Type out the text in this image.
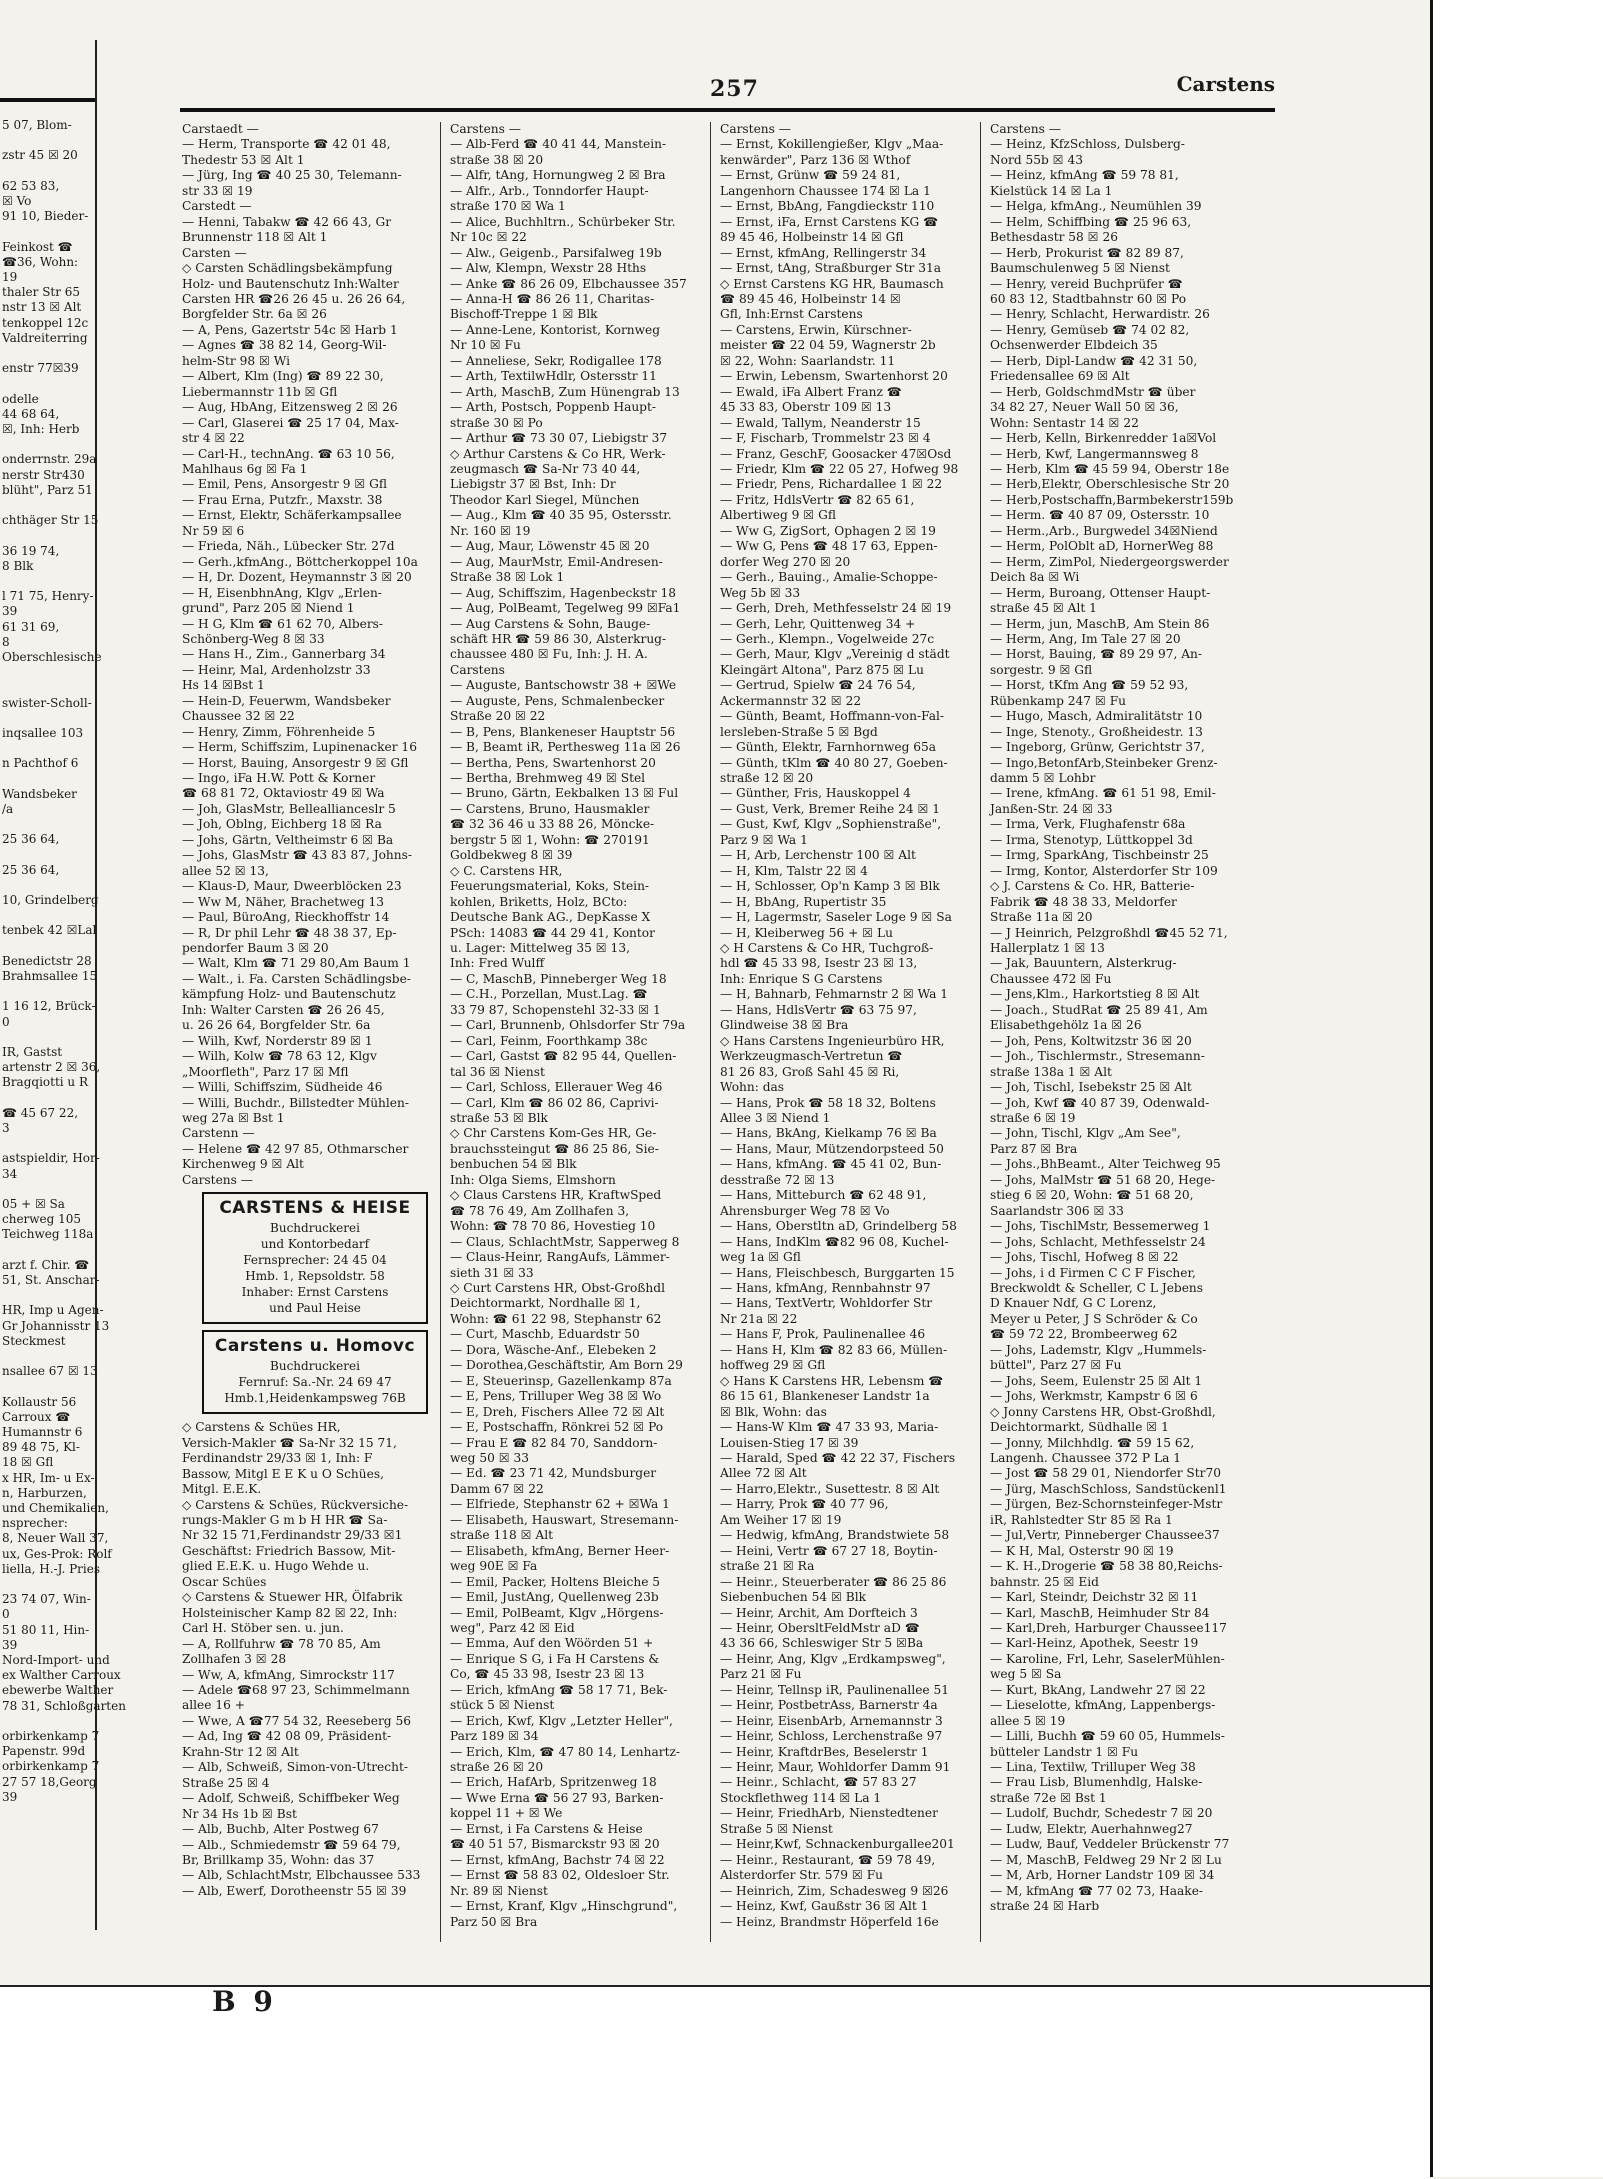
5 07, Blom-
zstr 45 ☒ 20
62 53 83,
☒ Vo
91 10, Bieder-
Feinkost ☎
☎36, Wohn:
19
thaler Str 65
nstr 13 ☒ Alt
tenkoppel 12c
Valdreiterring
enstr 77☒39
odelle
44 68 64,
☒, Inh: Herb
onderrnstr. 29a
nerstr Str430
blüht", Parz 51
chthäger Str 15
36 19 74,
8 Blk
l 71 75, Henry-
39
61 31 69,
8
Oberschlesische
swister-Scholl-
inqsallee 103
n Pachthof 6
Wandsbeker
/a
25 36 64,
25 36 64,
10, Grindelberg
tenbek 42 ☒Lal
Benedictstr 28
Brahmsallee 15
1 16 12, Brück-
0
IR, Gastst
artenstr 2 ☒ 36,
Bragqiotti u R
☎ 45 67 22,
3
astspieldir, Hor-
34
05 + ☒ Sa
cherweg 105
Teichweg 118a
arzt f. Chir. ☎
51, St. Anschar-
HR, Imp u Agen-
Gr Johannisstr 13
Steckmest
nsallee 67 ☒ 13
Kollaustr 56
Carroux ☎
Humannstr 6
89 48 75, Kl-
18 ☒ Gfl
x HR, Im- u Ex-
n, Harburzen,
und Chemikalien,
nsprecher:
8, Neuer Wall 37,
ux, Ges-Prok: Rolf
liella, H.-J. Pries
23 74 07, Win-
0
51 80 11, Hin-
39
Nord-Import- und
ex Walther Carroux
ebewerbe Walther
78 31, Schloßgarten
orbirkenkamp 7
Papenstr. 99d
orbirkenkamp 7
27 57 18,Georg
39
257	Carstens
Carstaedt —
— Herm, Transporte ☎ 42 01 48,
Thedestr 53 ☒ Alt 1
— Jürg, Ing ☎ 40 25 30, Telemann-
str 33 ☒ 19
Carstedt —
— Henni, Tabakw ☎ 42 66 43, Gr
Brunnenstr 118 ☒ Alt 1
Carsten —
◇ Carsten Schädlingsbekämpfung
Holz- und Bautenschutz Inh:Walter
Carsten HR ☎26 26 45 u. 26 26 64,
Borgfelder Str. 6a ☒ 26
— A, Pens, Gazertstr 54c ☒ Harb 1
— Agnes ☎ 38 82 14, Georg-Wil-
helm-Str 98 ☒ Wi
— Albert, Klm (Ing) ☎ 89 22 30,
Liebermannstr 11b ☒ Gfl
— Aug, HbAng, Eitzensweg 2 ☒ 26
— Carl, Glaserei ☎ 25 17 04, Max-
str 4 ☒ 22
— Carl-H., technAng. ☎ 63 10 56,
Mahlhaus 6g ☒ Fa 1
— Emil, Pens, Ansorgestr 9 ☒ Gfl
— Frau Erna, Putzfr., Maxstr. 38
— Ernst, Elektr, Schäferkampsallee
Nr 59 ☒ 6
— Frieda, Näh., Lübecker Str. 27d
— Gerh.,kfmAng., Böttcherkoppel 10a
— H, Dr. Dozent, Heymannstr 3 ☒ 20
— H, EisenbhnAng, Klgv „Erlen-
grund", Parz 205 ☒ Niend 1
— H G, Klm ☎ 61 62 70, Albers-
Schönberg-Weg 8 ☒ 33
— Hans H., Zim., Gannerbarg 34
— Heinr, Mal, Ardenholzstr 33
Hs 14 ☒Bst 1
— Hein-D, Feuerwm, Wandsbeker
Chaussee 32 ☒ 22
— Henry, Zimm, Föhrenheide 5
— Herm, Schiffszim, Lupinenacker 16
— Horst, Bauing, Ansorgestr 9 ☒ Gfl
— Ingo, iFa H.W. Pott & Korner
☎ 68 81 72, Oktaviostr 49 ☒ Wa
— Joh, GlasMstr, Belleallianceslr 5
— Joh, Oblng, Eichberg 18 ☒ Ra
— Johs, Gärtn, Veltheimstr 6 ☒ Ba
— Johs, GlasMstr ☎ 43 83 87, Johns-
allee 52 ☒ 13,
— Klaus-D, Maur, Dweerblöcken 23
— Ww M, Näher, Brachetweg 13
— Paul, BüroAng, Rieckhoffstr 14
— R, Dr phil Lehr ☎ 48 38 37, Ep-
pendorfer Baum 3 ☒ 20
— Walt, Klm ☎ 71 29 80,Am Baum 1
— Walt., i. Fa. Carsten Schädlingsbe-
kämpfung Holz- und Bautenschutz
Inh: Walter Carsten ☎ 26 26 45,
u. 26 26 64, Borgfelder Str. 6a
— Wilh, Kwf, Norderstr 89 ☒ 1
— Wilh, Kolw ☎ 78 63 12, Klgv
„Moorfleth", Parz 17 ☒ Mfl
— Willi, Schiffszim, Südheide 46
— Willi, Buchdr., Billstedter Mühlen-
weg 27a ☒ Bst 1
Carstenn —
— Helene ☎ 42 97 85, Othmarscher
Kirchenweg 9 ☒ Alt
Carstens —
CARSTENS & HEISE
Buchdruckerei
und Kontorbedarf
Fernsprecher: 24 45 04
Hmb. 1, Repsoldstr. 58
Inhaber: Ernst Carstens
und Paul Heise
Carstens u. Homovc
Buchdruckerei
Fernruf: Sa.-Nr. 24 69 47
Hmb.1,Heidenkampsweg 76B
◇ Carstens & Schües HR,
Versich-Makler ☎ Sa-Nr 32 15 71,
Ferdinandstr 29/33 ☒ 1, Inh: F
Bassow, Mitgl E E K u O Schües,
Mitgl. E.E.K.
◇ Carstens & Schües, Rückversiche-
rungs-Makler G m b H HR ☎ Sa-
Nr 32 15 71,Ferdinandstr 29/33 ☒1
Geschäftst: Friedrich Bassow, Mit-
glied E.E.K. u. Hugo Wehde u.
Oscar Schües
◇ Carstens & Stuewer HR, Ölfabrik
Holsteinischer Kamp 82 ☒ 22, Inh:
Carl H. Stöber sen. u. jun.
— A, Rollfuhrw ☎ 78 70 85, Am
Zollhafen 3 ☒ 28
— Ww, A, kfmAng, Simrockstr 117
— Adele ☎68 97 23, Schimmelmann
allee 16 +
— Wwe, A ☎77 54 32, Reeseberg 56
— Ad, Ing ☎ 42 08 09, Präsident-
Krahn-Str 12 ☒ Alt
— Alb, Schweiß, Simon-von-Utrecht-
Straße 25 ☒ 4
— Adolf, Schweiß, Schiffbeker Weg
Nr 34 Hs 1b ☒ Bst
— Alb, Buchb, Alter Postweg 67
— Alb., Schmiedemstr ☎ 59 64 79,
Br, Brillkamp 35, Wohn: das 37
— Alb, SchlachtMstr, Elbchaussee 533
— Alb, Ewerf, Dorotheenstr 55 ☒ 39
Carstens —
— Alb-Ferd ☎ 40 41 44, Manstein-
straße 38 ☒ 20
— Alfr, tAng, Hornungweg 2 ☒ Bra
— Alfr., Arb., Tonndorfer Haupt-
straße 170 ☒ Wa 1
— Alice, Buchhltrn., Schürbeker Str.
Nr 10c ☒ 22
— Alw., Geigenb., Parsifalweg 19b
— Alw, Klempn, Wexstr 28 Hths
— Anke ☎ 86 26 09, Elbchaussee 357
— Anna-H ☎ 86 26 11, Charitas-
Bischoff-Treppe 1 ☒ Blk
— Anne-Lene, Kontorist, Kornweg
Nr 10 ☒ Fu
— Anneliese, Sekr, Rodigallee 178
— Arth, TextilwHdlr, Ostersstr 11
— Arth, MaschB, Zum Hünengrab 13
— Arth, Postsch, Poppenb Haupt-
straße 30 ☒ Po
— Arthur ☎ 73 30 07, Liebigstr 37
◇ Arthur Carstens & Co HR, Werk-
zeugmasch ☎ Sa-Nr 73 40 44,
Liebigstr 37 ☒ Bst, Inh: Dr
Theodor Karl Siegel, München
— Aug., Klm ☎ 40 35 95, Ostersstr.
Nr. 160 ☒ 19
— Aug, Maur, Löwenstr 45 ☒ 20
— Aug, MaurMstr, Emil-Andresen-
Straße 38 ☒ Lok 1
— Aug, Schiffszim, Hagenbeckstr 18
— Aug, PolBeamt, Tegelweg 99 ☒Fa1
— Aug Carstens & Sohn, Bauge-
schäft HR ☎ 59 86 30, Alsterkrug-
chaussee 480 ☒ Fu, Inh: J. H. A.
Carstens
— Auguste, Bantschowstr 38 + ☒We
— Auguste, Pens, Schmalenbecker
Straße 20 ☒ 22
— B, Pens, Blankeneser Hauptstr 56
— B, Beamt iR, Perthesweg 11a ☒ 26
— Bertha, Pens, Swartenhorst 20
— Bertha, Brehmweg 49 ☒ Stel
— Bruno, Gärtn, Eekbalken 13 ☒ Ful
— Carstens, Bruno, Hausmakler
☎ 32 36 46 u 33 88 26, Mönckе-
bergstr 5 ☒ 1, Wohn: ☎ 270191
Goldbekweg 8 ☒ 39
◇ C. Carstens HR,
Feuerungsmaterial, Koks, Stein-
kohlen, Briketts, Holz, BCto:
Deutsche Bank AG., DepKasse X
PSch: 14083 ☎ 44 29 41, Kontor
u. Lager: Mittelweg 35 ☒ 13,
Inh: Fred Wulff
— C, MaschB, Pinneberger Weg 18
— C.H., Porzellan, Must.Lag. ☎
33 79 87, Schopenstehl 32-33 ☒ 1
— Carl, Brunnenb, Ohlsdorfer Str 79a
— Carl, Feinm, Foorthkamp 38c
— Carl, Gastst ☎ 82 95 44, Quellen-
tal 36 ☒ Nienst
— Carl, Schloss, Ellerauer Weg 46
— Carl, Klm ☎ 86 02 86, Caprivi-
straße 53 ☒ Blk
◇ Chr Carstens Kom-Ges HR, Ge-
brauchssteingut ☎ 86 25 86, Sie-
benbuchen 54 ☒ Blk
Inh: Olga Siems, Elmshorn
◇ Claus Carstens HR, KraftwSped
☎ 78 76 49, Am Zollhafen 3,
Wohn: ☎ 78 70 86, Hovestieg 10
— Claus, SchlachtMstr, Sapperweg 8
— Claus-Heinr, RangAufs, Lämmer-
sieth 31 ☒ 33
◇ Curt Carstens HR, Obst-Großhdl
Deichtormarkt, Nordhalle ☒ 1,
Wohn: ☎ 61 22 98, Stephanstr 62
— Curt, Maschb, Eduardstr 50
— Dora, Wäsche-Anf., Elebeken 2
— Dorothea,Geschäftstir, Am Born 29
— E, Steuerinsp, Gazellenkamp 87a
— E, Pens, Trilluper Weg 38 ☒ Wo
— E, Dreh, Fischers Allee 72 ☒ Alt
— E, Postschaffn, Rönkrei 52 ☒ Po
— Frau E ☎ 82 84 70, Sanddorn-
weg 50 ☒ 33
— Ed. ☎ 23 71 42, Mundsburger
Damm 67 ☒ 22
— Elfriede, Stephanstr 62 + ☒Wa 1
— Elisabeth, Hauswart, Stresemann-
straße 118 ☒ Alt
— Elisabeth, kfmAng, Berner Heer-
weg 90E ☒ Fa
— Emil, Packer, Holtens Bleiche 5
— Emil, JustAng, Quellenweg 23b
— Emil, PolBeamt, Klgv „Hörgens-
weg", Parz 42 ☒ Eid
— Emma, Auf den Wöörden 51 +
— Enrique S G, i Fa H Carstens &
Co, ☎ 45 33 98, Isestr 23 ☒ 13
— Erich, kfmAng ☎ 58 17 71, Bek-
stück 5 ☒ Nienst
— Erich, Kwf, Klgv „Letzter Heller",
Parz 189 ☒ 34
— Erich, Klm, ☎ 47 80 14, Lenhartz-
straße 26 ☒ 20
— Erich, HafArb, Spritzenweg 18
— Wwe Erna ☎ 56 27 93, Barken-
koppel 11 + ☒ We
— Ernst, i Fa Carstens & Heise
☎ 40 51 57, Bismarckstr 93 ☒ 20
— Ernst, kfmAng, Bachstr 74 ☒ 22
— Ernst ☎ 58 83 02, Oldesloer Str.
Nr. 89 ☒ Nienst
— Ernst, Kranf, Klgv „Hinschgrund",
Parz 50 ☒ Bra
Carstens —
— Ernst, Kokillengießer, Klgv „Maa-
kenwärder", Parz 136 ☒ Wthof
— Ernst, Grünw ☎ 59 24 81,
Langenhorn Chaussee 174 ☒ La 1
— Ernst, BbAng, Fangdieckstr 110
— Ernst, iFa, Ernst Carstens KG ☎
89 45 46, Holbeinstr 14 ☒ Gfl
— Ernst, kfmAng, Rellingerstr 34
— Ernst, tAng, Straßburger Str 31a
◇ Ernst Carstens KG HR, Baumasch
☎ 89 45 46, Holbeinstr 14 ☒
Gfl, Inh:Ernst Carstens
— Carstens, Erwin, Kürschner-
meister ☎ 22 04 59, Wagnerstr 2b
☒ 22, Wohn: Saarlandstr. 11
— Erwin, Lebensm, Swartenhorst 20
— Ewald, iFa Albert Franz ☎
45 33 83, Oberstr 109 ☒ 13
— Ewald, Tallym, Neanderstr 15
— F, Fischarb, Trommelstr 23 ☒ 4
— Franz, GeschF, Goosacker 47☒Osd
— Friedr, Klm ☎ 22 05 27, Hofweg 98
— Friedr, Pens, Richardallee 1 ☒ 22
— Fritz, HdlsVertr ☎ 82 65 61,
Albertiweg 9 ☒ Gfl
— Ww G, ZigSort, Ophagen 2 ☒ 19
— Ww G, Pens ☎ 48 17 63, Eppen-
dorfer Weg 270 ☒ 20
— Gerh., Bauing., Amalie-Schoppe-
Weg 5b ☒ 33
— Gerh, Dreh, Methfesselstr 24 ☒ 19
— Gerh, Lehr, Quittenweg 34 +
— Gerh., Klempn., Vogelweide 27c
— Gerh, Maur, Klgv „Vereinig d städt
Kleingärt Altona", Parz 875 ☒ Lu
— Gertrud, Spielw ☎ 24 76 54,
Ackermannstr 32 ☒ 22
— Günth, Beamt, Hoffmann-von-Fal-
lersleben-Straße 5 ☒ Bgd
— Günth, Elektr, Farnhornweg 65a
— Günth, tKlm ☎ 40 80 27, Goeben-
straße 12 ☒ 20
— Günther, Fris, Hauskoppel 4
— Gust, Verk, Bremer Reihe 24 ☒ 1
— Gust, Kwf, Klgv „Sophienstraße",
Parz 9 ☒ Wa 1
— H, Arb, Lerchenstr 100 ☒ Alt
— H, Klm, Talstr 22 ☒ 4
— H, Schlosser, Op'n Kamp 3 ☒ Blk
— H, BbAng, Rupertistr 35
— H, Lagermstr, Saseler Loge 9 ☒ Sa
— H, Kleiberweg 56 + ☒ Lu
◇ H Carstens & Co HR, Tuchgroß-
hdl ☎ 45 33 98, Isestr 23 ☒ 13,
Inh: Enrique S G Carstens
— H, Bahnarb, Fehmarnstr 2 ☒ Wa 1
— Hans, HdlsVertr ☎ 63 75 97,
Glindweise 38 ☒ Bra
◇ Hans Carstens Ingenieurbüro HR,
Werkzeugmasch-Vertretun ☎
81 26 83, Groß Sahl 45 ☒ Ri,
Wohn: das
— Hans, Prok ☎ 58 18 32, Boltens
Allee 3 ☒ Niend 1
— Hans, BkAng, Kielkamp 76 ☒ Ba
— Hans, Maur, Mützendorpsteed 50
— Hans, kfmAng. ☎ 45 41 02, Bun-
desstraße 72 ☒ 13
— Hans, Mitteburch ☎ 62 48 91,
Ahrensburger Weg 78 ☒ Vo
— Hans, Oberstltn aD, Grindelberg 58
— Hans, IndKlm ☎82 96 08, Kuchel-
weg 1a ☒ Gfl
— Hans, Fleischbesch, Burggarten 15
— Hans, kfmAng, Rennbahnstr 97
— Hans, TextVertr, Wohldorfer Str
Nr 21a ☒ 22
— Hans F, Prok, Paulinenallee 46
— Hans H, Klm ☎ 82 83 66, Müllen-
hoffweg 29 ☒ Gfl
◇ Hans K Carstens HR, Lebensm ☎
86 15 61, Blankeneser Landstr 1a
☒ Blk, Wohn: das
— Hans-W Klm ☎ 47 33 93, Maria-
Louisen-Stieg 17 ☒ 39
— Harald, Sped ☎ 42 22 37, Fischers
Allee 72 ☒ Alt
— Harro,Elektr., Susettestr. 8 ☒ Alt
— Harry, Prok ☎ 40 77 96,
Am Weiher 17 ☒ 19
— Hedwig, kfmAng, Brandstwiete 58
— Heini, Vertr ☎ 67 27 18, Boytin-
straße 21 ☒ Ra
— Heinr., Steuerberater ☎ 86 25 86
Siebenbuchen 54 ☒ Blk
— Heinr, Archit, Am Dorfteich 3
— Heinr, ObersltFeldMstr aD ☎
43 36 66, Schleswiger Str 5 ☒Ba
— Heinr, Ang, Klgv „Erdkampsweg",
Parz 21 ☒ Fu
— Heinr, Tellnsp iR, Paulinenallee 51
— Heinr, PostbetrAss, Barnerstr 4a
— Heinr, EisenbArb, Arnemannstr 3
— Heinr, Schloss, Lerchenstraße 97
— Heinr, KraftdrBes, Beselerstr 1
— Heinr, Maur, Wohldorfer Damm 91
— Heinr., Schlacht, ☎ 57 83 27
Stockflethweg 114 ☒ La 1
— Heinr, FriedhArb, Nienstedtener
Straße 5 ☒ Nienst
— Heinr,Kwf, Schnackenburgallee201
— Heinr., Restaurant, ☎ 59 78 49,
Alsterdorfer Str. 579 ☒ Fu
— Heinrich, Zim, Schadesweg 9 ☒26
— Heinz, Kwf, Gaußstr 36 ☒ Alt 1
— Heinz, Brandmstr Höperfeld 16e
Carstens —
— Heinz, KfzSchloss, Dulsberg-
Nord 55b ☒ 43
— Heinz, kfmAng ☎ 59 78 81,
Kielstück 14 ☒ La 1
— Helga, kfmAng., Neumühlen 39
— Helm, Schiffbing ☎ 25 96 63,
Bethesdastr 58 ☒ 26
— Herb, Prokurist ☎ 82 89 87,
Baumschulenweg 5 ☒ Nienst
— Henry, vereid Buchprüfer ☎
60 83 12, Stadtbahnstr 60 ☒ Po
— Henry, Schlacht, Herwardistr. 26
— Henry, Gemüseb ☎ 74 02 82,
Ochsenwerder Elbdeich 35
— Herb, Dipl-Landw ☎ 42 31 50,
Friedensallee 69 ☒ Alt
— Herb, GoldschmdMstr ☎ über
34 82 27, Neuer Wall 50 ☒ 36,
Wohn: Sentastr 14 ☒ 22
— Herb, Kelln, Birkenredder 1a☒Vol
— Herb, Kwf, Langermannsweg 8
— Herb, Klm ☎ 45 59 94, Oberstr 18e
— Herb,Elektr, Oberschlesische Str 20
— Herb,Postschaffn,Barmbekerstr159b
— Herm. ☎ 40 87 09, Ostersstr. 10
— Herm.,Arb., Burgwedel 34☒Niend
— Herm, PolOblt aD, HornerWeg 88
— Herm, ZimPol, Niedergeorgswerder
Deich 8a ☒ Wi
— Herm, Buroang, Ottenser Haupt-
straße 45 ☒ Alt 1
— Herm, jun, MaschB, Am Stein 86
— Herm, Ang, Im Tale 27 ☒ 20
— Horst, Bauing, ☎ 89 29 97, An-
sorgestr. 9 ☒ Gfl
— Horst, tKfm Ang ☎ 59 52 93,
Rübenkamp 247 ☒ Fu
— Hugo, Masch, Admiralitätstr 10
— Inge, Stenoty., Großheidestr. 13
— Ingeborg, Grünw, Gerichtstr 37,
— Ingo,BetonfArb,Steinbeker Grenz-
damm 5 ☒ Lohbr
— Irene, kfmAng. ☎ 61 51 98, Emil-
Janßen-Str. 24 ☒ 33
— Irma, Verk, Flughafenstr 68a
— Irma, Stenotyp, Lüttkoppel 3d
— Irmg, SparkAng, Tischbeinstr 25
— Irmg, Kontor, Alsterdorfer Str 109
◇ J. Carstens & Co. HR, Batterie-
Fabrik ☎ 48 38 33, Meldorfer
Straße 11a ☒ 20
— J Heinrich, Pelzgroßhdl ☎45 52 71,
Hallerplatz 1 ☒ 13
— Jak, Bauuntern, Alsterkrug-
Chaussee 472 ☒ Fu
— Jens,Klm., Harkortstieg 8 ☒ Alt
— Joach., StudRat ☎ 25 89 41, Am
Elisabethgehölz 1a ☒ 26
— Joh, Pens, Koltwitzstr 36 ☒ 20
— Joh., Tischlermstr., Stresemann-
straße 138a 1 ☒ Alt
— Joh, Tischl, Isebekstr 25 ☒ Alt
— Joh, Kwf ☎ 40 87 39, Odenwald-
straße 6 ☒ 19
— John, Tischl, Klgv „Am See",
Parz 87 ☒ Bra
— Johs.,BhBeamt., Alter Teichweg 95
— Johs, MalMstr ☎ 51 68 20, Hege-
stieg 6 ☒ 20, Wohn: ☎ 51 68 20,
Saarlandstr 306 ☒ 33
— Johs, TischlMstr, Bessemerweg 1
— Johs, Schlacht, Methfesselstr 24
— Johs, Tischl, Hofweg 8 ☒ 22
— Johs, i d Firmen C C F Fischer,
Breckwoldt & Scheller, C L Jebens
D Knauer Ndf, G C Lorenz,
Meyer u Peter, J S Schröder & Co
☎ 59 72 22, Brombeerweg 62
— Johs, Lademstr, Klgv „Hummels-
büttel", Parz 27 ☒ Fu
— Johs, Seem, Eulenstr 25 ☒ Alt 1
— Johs, Werkmstr, Kampstr 6 ☒ 6
◇ Jonny Carstens HR, Obst-Großhdl,
Deichtormarkt, Südhalle ☒ 1
— Jonny, Milchhdlg. ☎ 59 15 62,
Langenh. Chaussee 372 P La 1
— Jost ☎ 58 29 01, Niendorfer Str70
— Jürg, MaschSchloss, Sandstückenl1
— Jürgen, Bez-Schornsteinfeger-Mstr
iR, Rahlstedter Str 85 ☒ Ra 1
— Jul,Vertr, Pinneberger Chaussee37
— K H, Mal, Osterstr 90 ☒ 19
— K. H.,Drogerie ☎ 58 38 80,Reichs-
bahnstr. 25 ☒ Eid
— Karl, Steindr, Deichstr 32 ☒ 11
— Karl, MaschB, Heimhuder Str 84
— Karl,Dreh, Harburger Chaussee117
— Karl-Heinz, Apothek, Seestr 19
— Karoline, Frl, Lehr, SaselerMühlen-
weg 5 ☒ Sa
— Kurt, BkAng, Landwehr 27 ☒ 22
— Lieselotte, kfmAng, Lappenbergs-
allee 5 ☒ 19
— Lilli, Buchh ☎ 59 60 05, Hummels-
bütteler Landstr 1 ☒ Fu
— Lina, Textilw, Trilluper Weg 38
— Frau Lisb, Blumenhdlg, Halske-
straße 72e ☒ Bst 1
— Ludolf, Buchdr, Schedestr 7 ☒ 20
— Ludw, Elektr, Auerhahnweg27
— Ludw, Bauf, Veddeler Brückenstr 77
— M, MaschB, Feldweg 29 Nr 2 ☒ Lu
— M, Arb, Horner Landstr 109 ☒ 34
— M, kfmAng ☎ 77 02 73, Haake-
straße 24 ☒ Harb
B 9
